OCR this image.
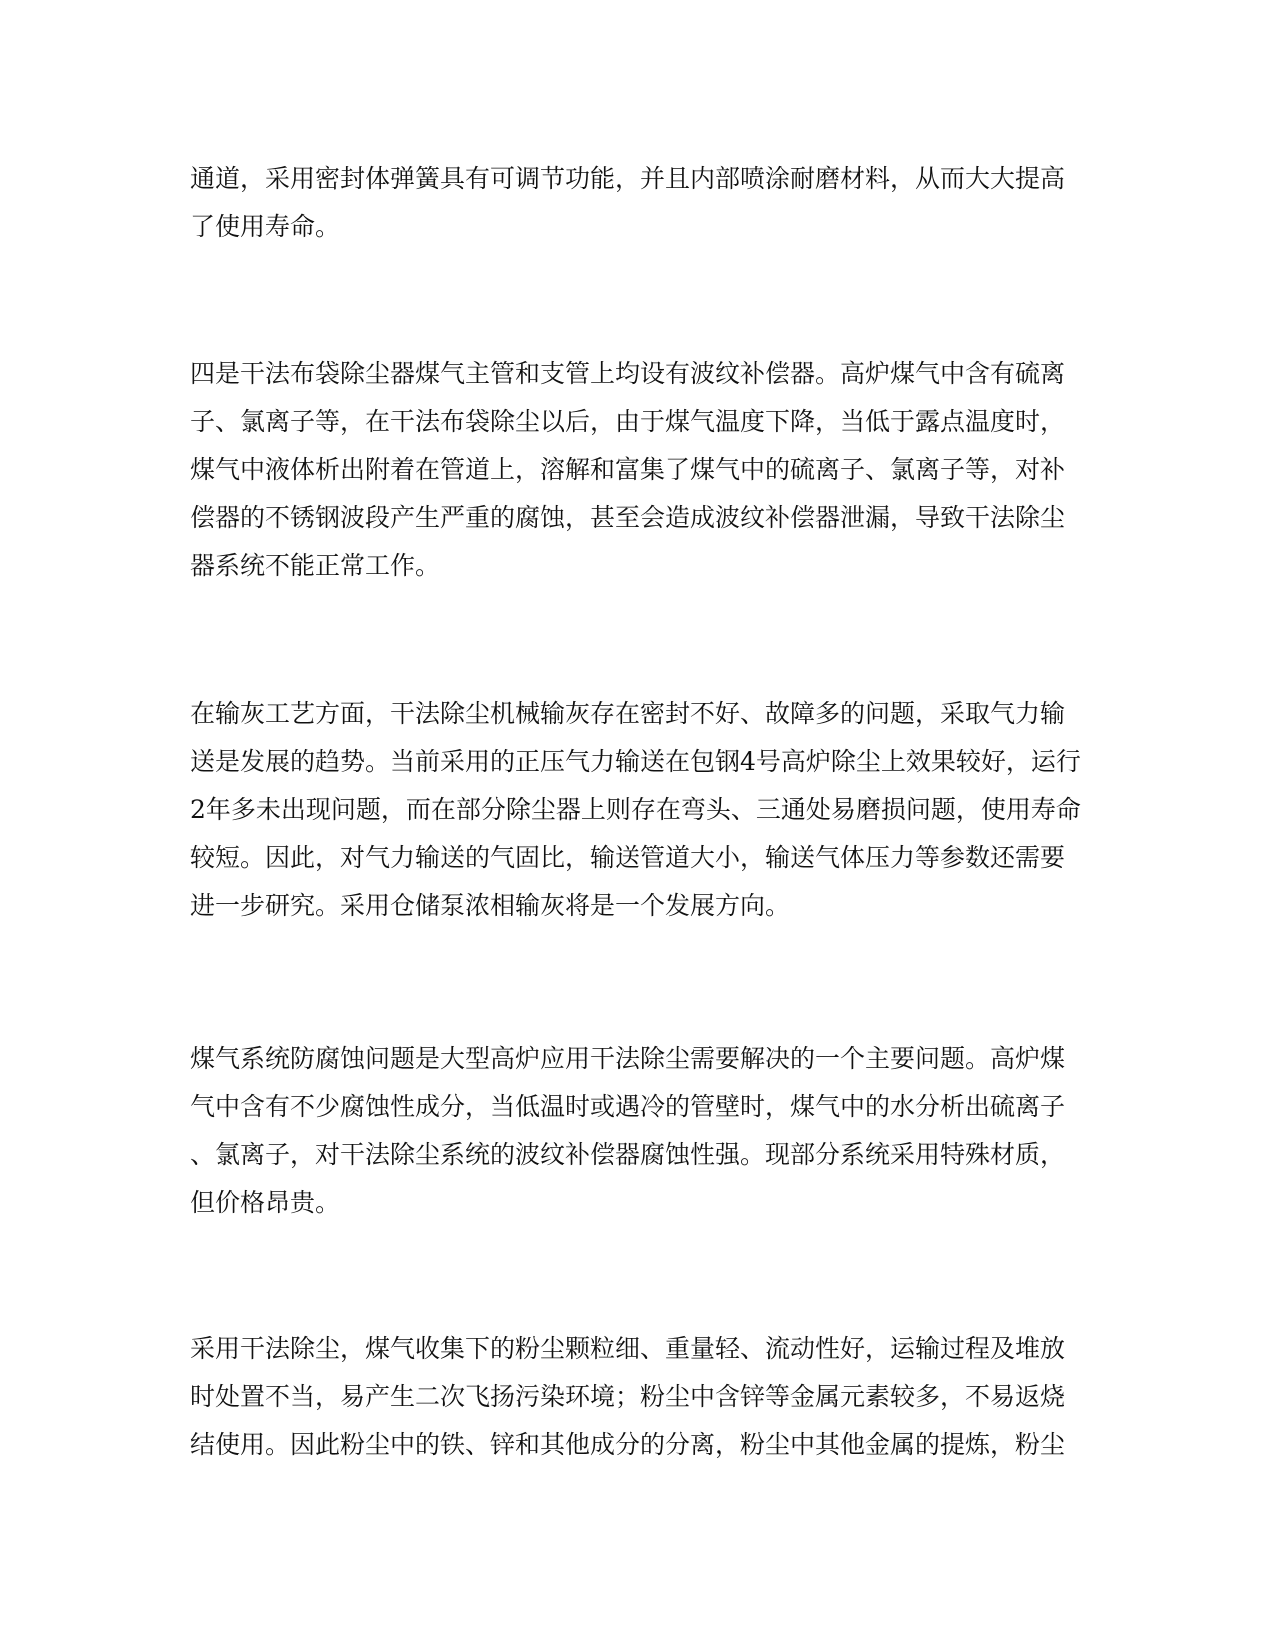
通道，采用密封体弹簧具有可调节功能，并且内部喷涂耐磨材料，从而大大提高
了使用寿命。
四是干法布袋除尘器煤气主管和支管上均设有波纹补偿器。高炉煤气中含有硫离
子、氯离子等，在干法布袋除尘以后，由于煤气温度下降，当低于露点温度时，
煤气中液体析出附着在管道上，溶解和富集了煤气中的硫离子、氯离子等，对补
偿器的不锈钢波段产生严重的腐蚀，甚至会造成波纹补偿器泄漏，导致干法除尘
器系统不能正常工作。
在输灰工艺方面，干法除尘机械输灰存在密封不好、故障多的问题，采取气力输
送是发展的趋势。当前采用的正压气力输送在包钢4号高炉除尘上效果较好，运行
2年多未出现问题，而在部分除尘器上则存在弯头、三通处易磨损问题，使用寿命
较短。因此，对气力输送的气固比，输送管道大小，输送气体压力等参数还需要
进一步研究。采用仓储泵浓相输灰将是一个发展方向。
煤气系统防腐蚀问题是大型高炉应用干法除尘需要解决的一个主要问题。高炉煤
气中含有不少腐蚀性成分，当低温时或遇冷的管壁时，煤气中的水分析出硫离子
、氯离子，对干法除尘系统的波纹补偿器腐蚀性强。现部分系统采用特殊材质，
但价格昂贵。
采用干法除尘，煤气收集下的粉尘颗粒细、重量轻、流动性好，运输过程及堆放
时处置不当，易产生二次飞扬污染环境；粉尘中含锌等金属元素较多，不易返烧
结使用。因此粉尘中的铁、锌和其他成分的分离，粉尘中其他金属的提炼，粉尘
